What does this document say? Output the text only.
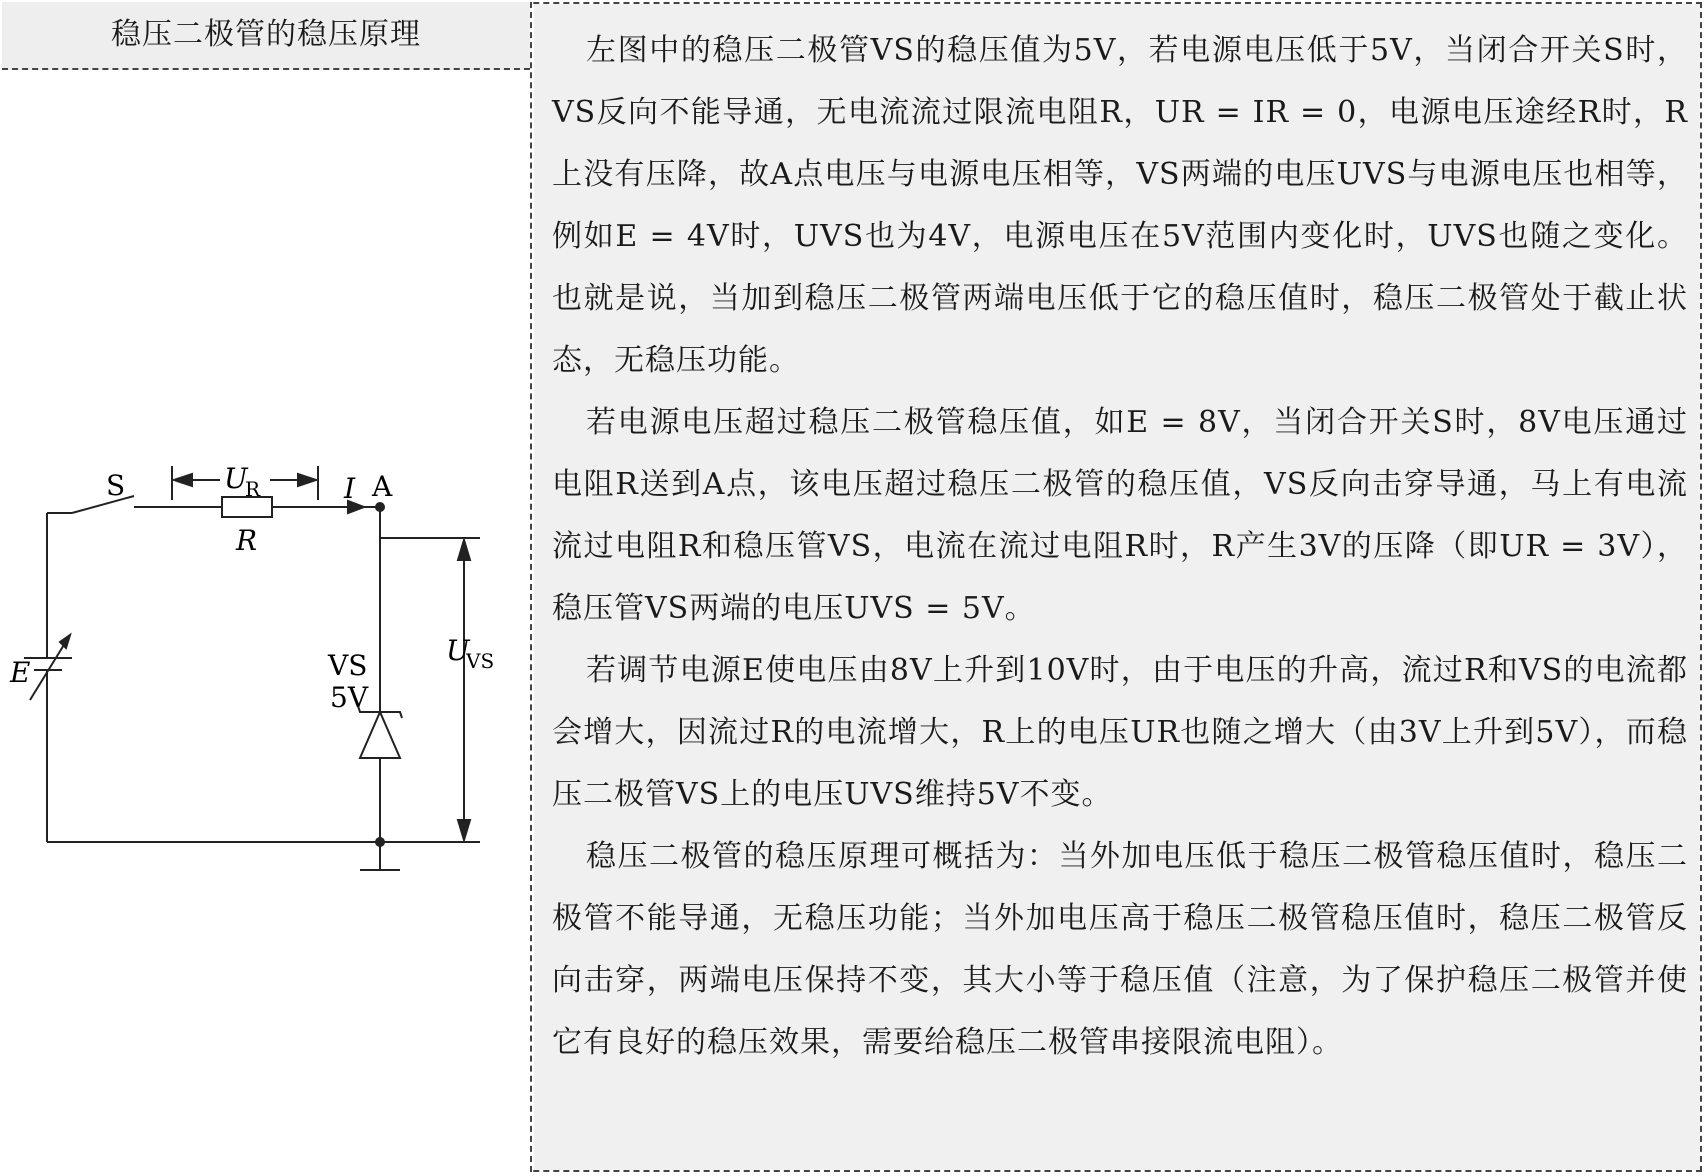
稳压二极管的稳压原理
S	U
R
R
I A
E	VS
5V
U
VS

左图中的稳压二极管VS的稳压值为5V，若电源电压低于5V，当闭合开关S时，VS反向不能导通，无电流流过限流电阻R，UR = IR = 0，电源电压途经R时，R上没有压降，故A点电压与电源电压相等，VS两端的电压UVS与电源电压也相等，例如E = 4V时，UVS也为4V，电源电压在5V范围内变化时，UVS也随之变化。也就是说，当加到稳压二极管两端电压低于它的稳压值时，稳压二极管处于截止状态，无稳压功能。

若电源电压超过稳压二极管稳压值，如E = 8V，当闭合开关S时，8V电压通过电阻R送到A点，该电压超过稳压二极管的稳压值，VS反向击穿导通，马上有电流流过电阻R和稳压管VS，电流在流过电阻R时，R产生3V的压降（即UR = 3V），稳压管VS两端的电压UVS = 5V。

若调节电源E使电压由8V上升到10V时，由于电压的升高，流过R和VS的电流都会增大，因流过R的电流增大，R上的电压UR也随之增大（由3V上升到5V），而稳压二极管VS上的电压UVS维持5V不变。

稳压二极管的稳压原理可概括为：当外加电压低于稳压二极管稳压值时，稳压二极管不能导通，无稳压功能；当外加电压高于稳压二极管稳压值时，稳压二极管反向击穿，两端电压保持不变，其大小等于稳压值（注意，为了保护稳压二极管并使它有良好的稳压效果，需要给稳压二极管串接限流电阻）。
